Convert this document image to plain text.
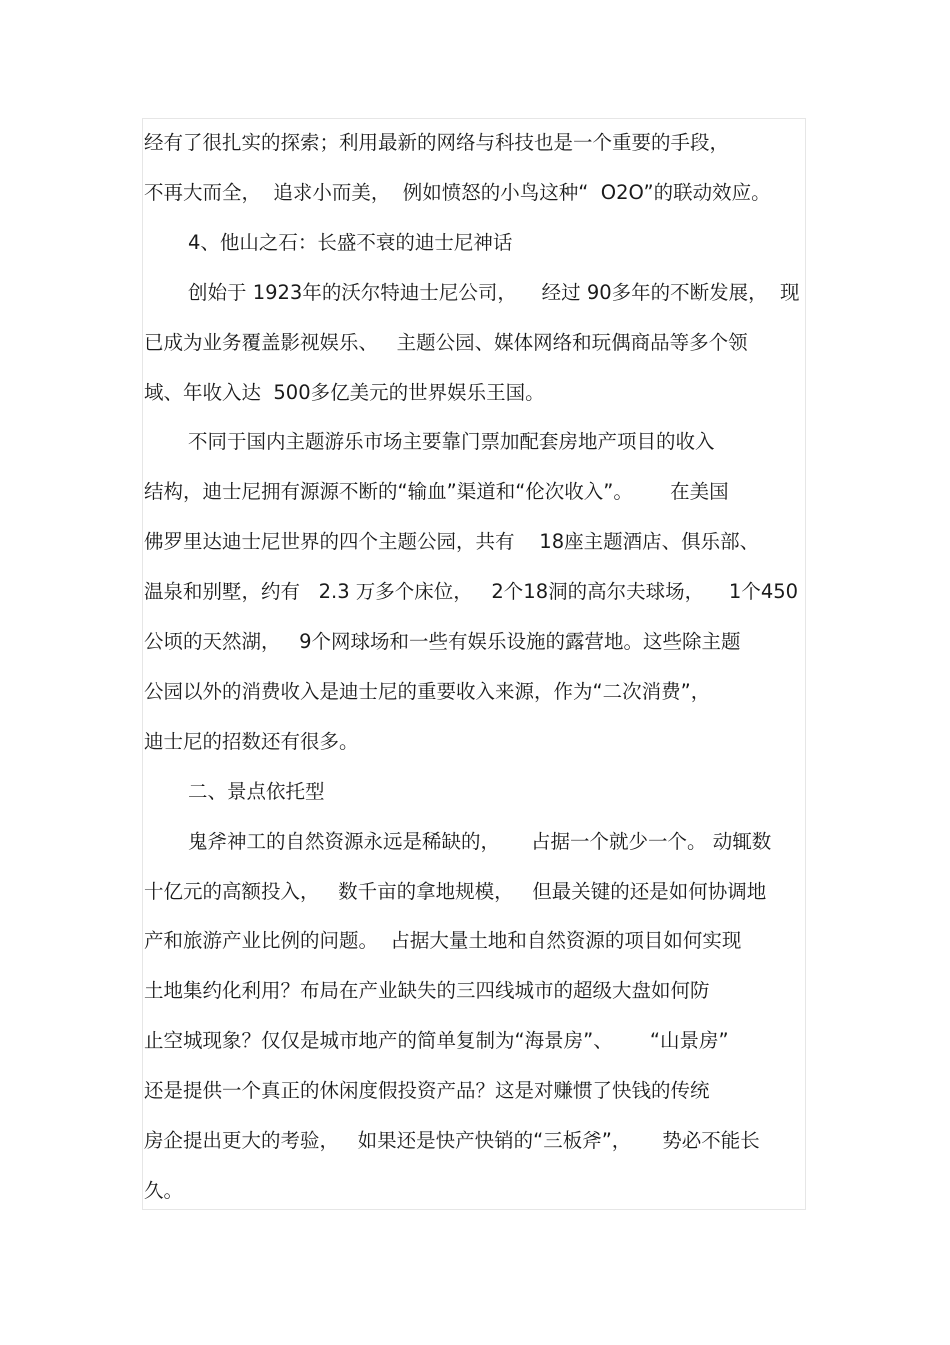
经有了很扎实的探索；利用最新的网络与科技也是一个重要的手段，
不再大而全，  追求小而美，  例如愤怒的小鸟这种“  O2O”的联动效应。
4、他山之石：长盛不衰的迪士尼神话
创始于 1923年的沃尔特迪士尼公司，    经过 90多年的不断发展，  现
已成为业务覆盖影视娱乐、   主题公园、媒体网络和玩偶商品等多个领
域、年收入达  500多亿美元的世界娱乐王国。
不同于国内主题游乐市场主要靠门票加配套房地产项目的收入
结构，迪士尼拥有源源不断的“输血”渠道和“伦次收入”。      在美国
佛罗里达迪士尼世界的四个主题公园，共有    18座主题酒店、俱乐部、
温泉和别墅，约有   2.3 万多个床位，   2个18洞的高尔夫球场，    1个450
公顷的天然湖，   9个网球场和一些有娱乐设施的露营地。这些除主题
公园以外的消费收入是迪士尼的重要收入来源，作为“二次消费”，
迪士尼的招数还有很多。
二、景点依托型
鬼斧神工的自然资源永远是稀缺的，     占据一个就少一个。 动辄数
十亿元的高额投入，   数千亩的拿地规模，   但最关键的还是如何协调地
产和旅游产业比例的问题。  占据大量土地和自然资源的项目如何实现
土地集约化利用？布局在产业缺失的三四线城市的超级大盘如何防
止空城现象？仅仅是城市地产的简单复制为“海景房”、      “山景房”
还是提供一个真正的休闲度假投资产品？这是对赚惯了快钱的传统
房企提出更大的考验，   如果还是快产快销的“三板斧”，     势必不能长
久。
